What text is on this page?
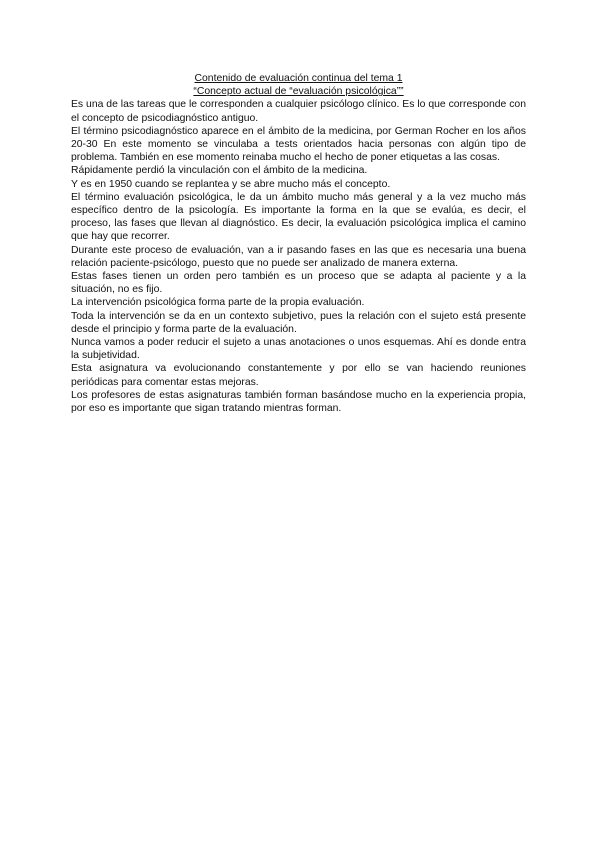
Contenido de evaluación continua del tema 1

“Concepto actual de “evaluación psicológica””

Es una de las tareas que le corresponden a cualquier psicólogo clínico. Es lo que corresponde con el concepto de psicodiagnóstico antiguo.

El término psicodiagnóstico aparece en el ámbito de la medicina, por German Rocher en los años 20-30 En este momento se vinculaba a tests orientados hacia personas con algún tipo de problema. También en ese momento reinaba mucho el hecho de poner etiquetas a las cosas.

Rápidamente perdió la vinculación con el ámbito de la medicina.

Y es en 1950 cuando se replantea y se abre mucho más el concepto.

El término evaluación psicológica, le da un ámbito mucho más general y a la vez mucho más específico dentro de la psicología. Es importante la forma en la que se evalúa, es decir, el proceso, las fases que llevan al diagnóstico. Es decir, la evaluación psicológica implica el camino que hay que recorrer.

Durante este proceso de evaluación, van a ir pasando fases en las que es necesaria una buena relación paciente-psicólogo, puesto que no puede ser analizado de manera externa.

Estas fases tienen un orden pero también es un proceso que se adapta al paciente y a la situación, no es fijo.

La intervención psicológica forma parte de la propia evaluación.

Toda la intervención se da en un contexto subjetivo, pues la relación con el sujeto está presente desde el principio y forma parte de la evaluación.

Nunca vamos a poder reducir el sujeto a unas anotaciones o unos esquemas. Ahí es donde entra la subjetividad.

Esta asignatura va evolucionando constantemente y por ello se van haciendo reuniones periódicas para comentar estas mejoras.

Los profesores de estas asignaturas también forman basándose mucho en la experiencia propia, por eso es importante que sigan tratando mientras forman.
